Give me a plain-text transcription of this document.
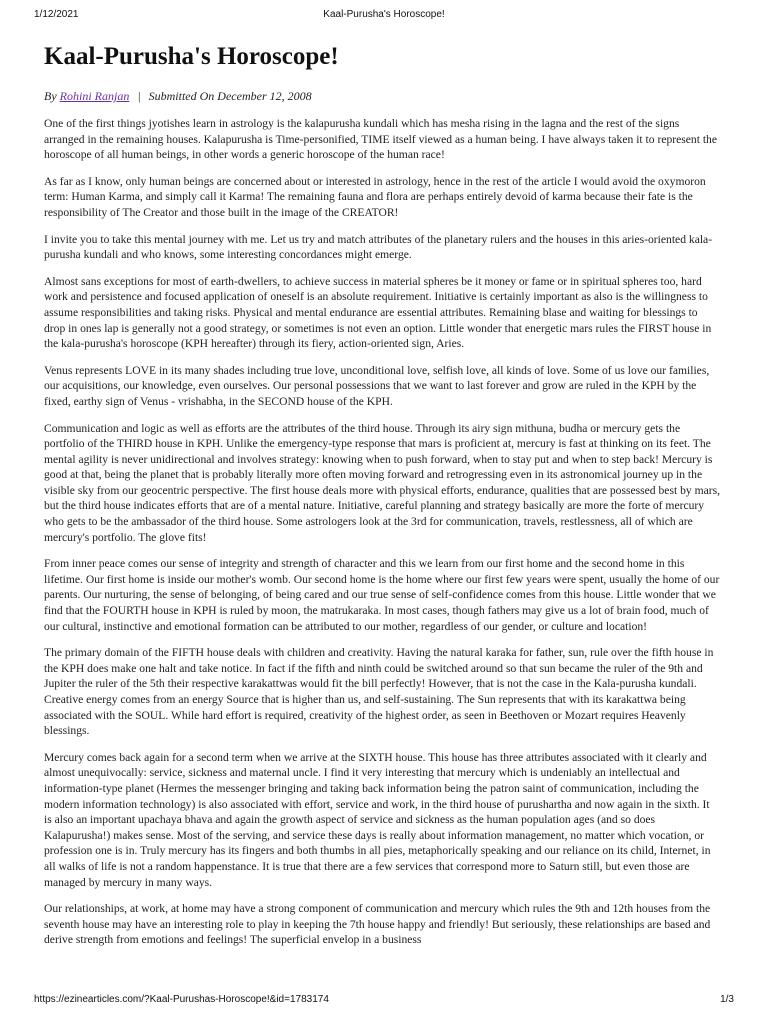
1/12/2021	Kaal-Purusha's Horoscope!
Kaal-Purusha's Horoscope!
By Rohini Ranjan | Submitted On December 12, 2008

One of the first things jyotishes learn in astrology is the kalapurusha kundali which has mesha rising in the lagna and the rest of the signs arranged in the remaining houses. Kalapurusha is Time-personified, TIME itself viewed as a human being. I have always taken it to represent the horoscope of all human beings, in other words a generic horoscope of the human race!

As far as I know, only human beings are concerned about or interested in astrology, hence in the rest of the article I would avoid the oxymoron term: Human Karma, and simply call it Karma! The remaining fauna and flora are perhaps entirely devoid of karma because their fate is the responsibility of The Creator and those built in the image of the CREATOR!

I invite you to take this mental journey with me. Let us try and match attributes of the planetary rulers and the houses in this aries-oriented kala-purusha kundali and who knows, some interesting concordances might emerge.

Almost sans exceptions for most of earth-dwellers, to achieve success in material spheres be it money or fame or in spiritual spheres too, hard work and persistence and focused application of oneself is an absolute requirement. Initiative is certainly important as also is the willingness to assume responsibilities and taking risks. Physical and mental endurance are essential attributes. Remaining blase and waiting for blessings to drop in ones lap is generally not a good strategy, or sometimes is not even an option. Little wonder that energetic mars rules the FIRST house in the kala-purusha's horoscope (KPH hereafter) through its fiery, action-oriented sign, Aries.

Venus represents LOVE in its many shades including true love, unconditional love, selfish love, all kinds of love. Some of us love our families, our acquisitions, our knowledge, even ourselves. Our personal possessions that we want to last forever and grow are ruled in the KPH by the fixed, earthy sign of Venus - vrishabha, in the SECOND house of the KPH.

Communication and logic as well as efforts are the attributes of the third house. Through its airy sign mithuna, budha or mercury gets the portfolio of the THIRD house in KPH. Unlike the emergency-type response that mars is proficient at, mercury is fast at thinking on its feet. The mental agility is never unidirectional and involves strategy: knowing when to push forward, when to stay put and when to step back! Mercury is good at that, being the planet that is probably literally more often moving forward and retrogressing even in its astronomical journey up in the visible sky from our geocentric perspective. The first house deals more with physical efforts, endurance, qualities that are possessed best by mars, but the third house indicates efforts that are of a mental nature. Initiative, careful planning and strategy basically are more the forte of mercury who gets to be the ambassador of the third house. Some astrologers look at the 3rd for communication, travels, restlessness, all of which are mercury's portfolio. The glove fits!

From inner peace comes our sense of integrity and strength of character and this we learn from our first home and the second home in this lifetime. Our first home is inside our mother's womb. Our second home is the home where our first few years were spent, usually the home of our parents. Our nurturing, the sense of belonging, of being cared and our true sense of self-confidence comes from this house. Little wonder that we find that the FOURTH house in KPH is ruled by moon, the matrukaraka. In most cases, though fathers may give us a lot of brain food, much of our cultural, instinctive and emotional formation can be attributed to our mother, regardless of our gender, or culture and location!

The primary domain of the FIFTH house deals with children and creativity. Having the natural karaka for father, sun, rule over the fifth house in the KPH does make one halt and take notice. In fact if the fifth and ninth could be switched around so that sun became the ruler of the 9th and Jupiter the ruler of the 5th their respective karakattwas would fit the bill perfectly! However, that is not the case in the Kala-purusha kundali. Creative energy comes from an energy Source that is higher than us, and self-sustaining. The Sun represents that with its karakattwa being associated with the SOUL. While hard effort is required, creativity of the highest order, as seen in Beethoven or Mozart requires Heavenly blessings.

Mercury comes back again for a second term when we arrive at the SIXTH house. This house has three attributes associated with it clearly and almost unequivocally: service, sickness and maternal uncle. I find it very interesting that mercury which is undeniably an intellectual and information-type planet (Hermes the messenger bringing and taking back information being the patron saint of communication, including the modern information technology) is also associated with effort, service and work, in the third house of purushartha and now again in the sixth. It is also an important upachaya bhava and again the growth aspect of service and sickness as the human population ages (and so does Kalapurusha!) makes sense. Most of the serving, and service these days is really about information management, no matter which vocation, or profession one is in. Truly mercury has its fingers and both thumbs in all pies, metaphorically speaking and our reliance on its child, Internet, in all walks of life is not a random happenstance. It is true that there are a few services that correspond more to Saturn still, but even those are managed by mercury in many ways.

Our relationships, at work, at home may have a strong component of communication and mercury which rules the 9th and 12th houses from the seventh house may have an interesting role to play in keeping the 7th house happy and friendly! But seriously, these relationships are based and derive strength from emotions and feelings! The superficial envelop in a business

https://ezinearticles.com/?Kaal-Purushas-Horoscope!&id=1783174	1/3
